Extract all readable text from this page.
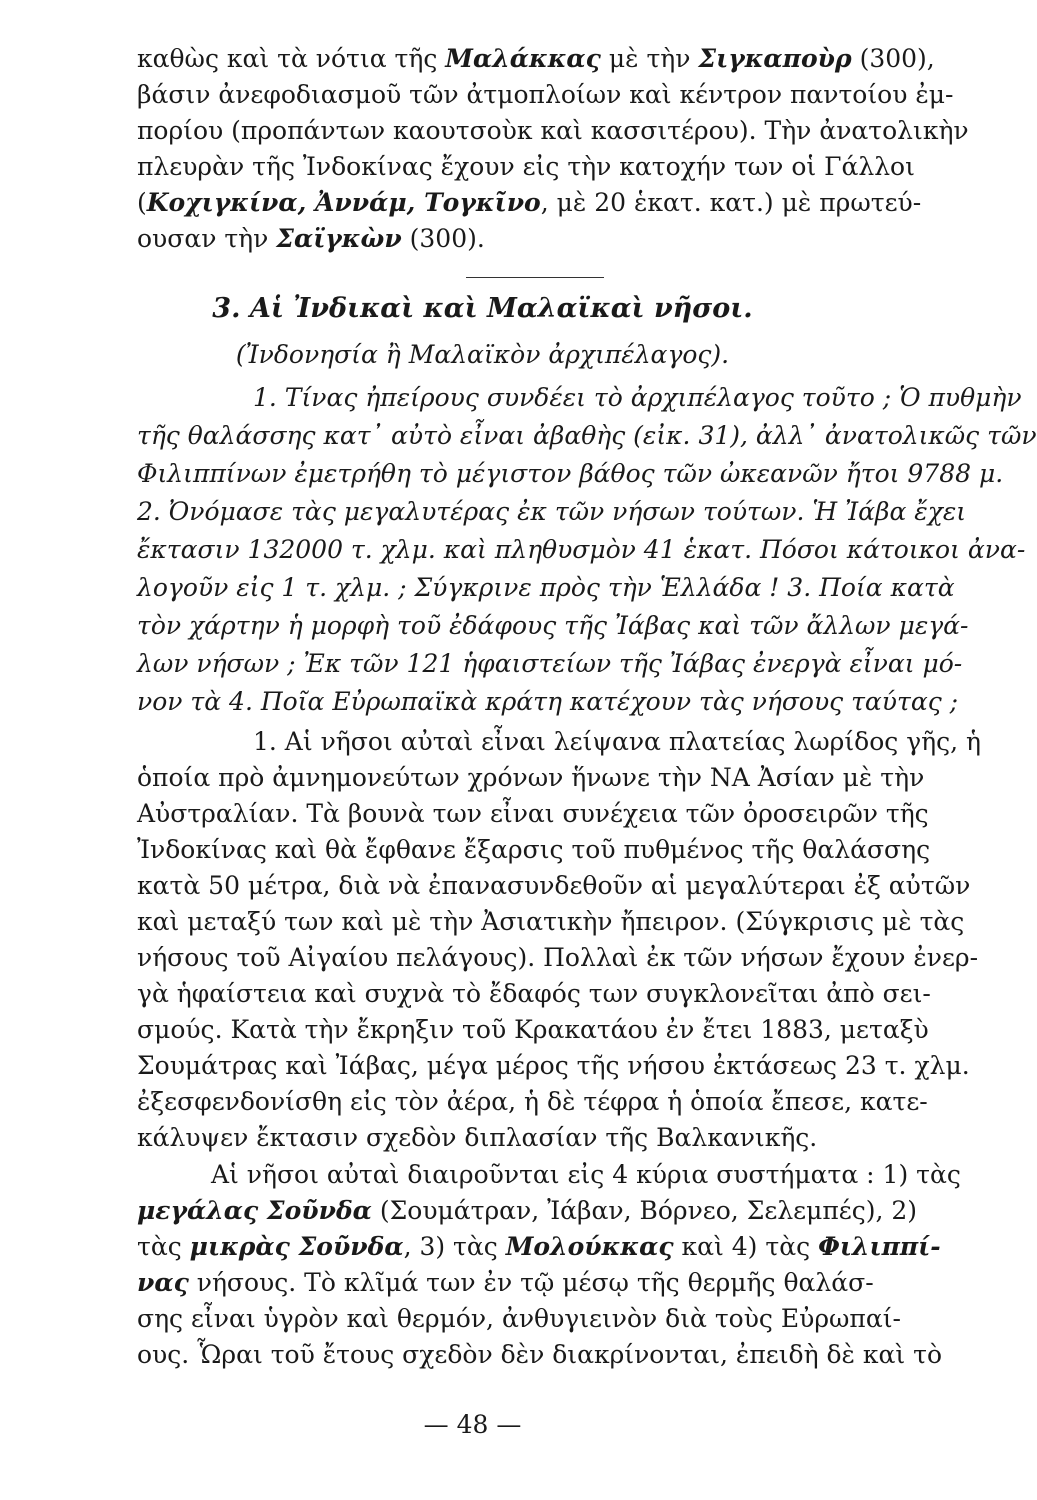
καθὼς καὶ τὰ νότια τῆς Μαλάκκας μὲ τὴν Σιγκαποὺρ (300),
βάσιν ἀνεφοδιασμοῦ τῶν ἀτμοπλοίων καὶ κέντρον παντοίου ἐμ-
πορίου (προπάντων καουτσοὺκ καὶ κασσιτέρου). Τὴν ἀνατολικὴν
πλευρὰν τῆς Ἰνδοκίνας ἔχουν εἰς τὴν κατοχήν των οἱ Γάλλοι
(Κοχιγκίνα, Ἀννάμ, Τογκῖνο, μὲ 20 ἑκατ. κατ.) μὲ πρωτεύ-
ουσαν τὴν Σαϊγκὼν (300).
3. Αἱ Ἰνδικαὶ καὶ Μαλαϊκαὶ νῆσοι.
(Ἰνδονησία ἢ Μαλαϊκὸν ἀρχιπέλαγος).
1. Τίνας ἠπείρους συνδέει τὸ ἀρχιπέλαγος τοῦτο ; Ὁ πυθμὴν
τῆς θαλάσσης κατ᾽ αὐτὸ εἶναι ἀβαθὴς (εἰκ. 31), ἀλλ᾽ ἀνατολικῶς τῶν
Φιλιππίνων ἐμετρήθη τὸ μέγιστον βάθος τῶν ὠκεανῶν ἤτοι 9788 μ.
2. Ὀνόμασε τὰς μεγαλυτέρας ἐκ τῶν νήσων τούτων. Ἡ Ἰάβα ἔχει
ἔκτασιν 132000 τ. χλμ. καὶ πληθυσμὸν 41 ἑκατ. Πόσοι κάτοικοι ἀνα-
λογοῦν εἰς 1 τ. χλμ. ; Σύγκρινε πρὸς τὴν Ἑλλάδα ! 3. Ποία κατὰ
τὸν χάρτην ἡ μορφὴ τοῦ ἐδάφους τῆς Ἰάβας καὶ τῶν ἄλλων μεγά-
λων νήσων ; Ἐκ τῶν 121 ἡφαιστείων τῆς Ἰάβας ἐνεργὰ εἶναι μό-
νον τὰ 4. Ποῖα Εὐρωπαϊκὰ κράτη κατέχουν τὰς νήσους ταύτας ;
1. Αἱ νῆσοι αὐταὶ εἶναι λείψανα πλατείας λωρίδος γῆς, ἡ
ὁποία πρὸ ἀμνημονεύτων χρόνων ἥνωνε τὴν ΝΑ Ἀσίαν μὲ τὴν
Αὐστραλίαν. Τὰ βουνὰ των εἶναι συνέχεια τῶν ὀροσειρῶν τῆς
Ἰνδοκίνας καὶ θὰ ἔφθανε ἔξαρσις τοῦ πυθμένος τῆς θαλάσσης
κατὰ 50 μέτρα, διὰ νὰ ἐπανασυνδεθοῦν αἱ μεγαλύτεραι ἐξ αὐτῶν
καὶ μεταξύ των καὶ μὲ τὴν Ἀσιατικὴν ἤπειρον. (Σύγκρισις μὲ τὰς
νήσους τοῦ Αἰγαίου πελάγους). Πολλαὶ ἐκ τῶν νήσων ἔχουν ἐνερ-
γὰ ἡφαίστεια καὶ συχνὰ τὸ ἔδαφός των συγκλονεῖται ἀπὸ σει-
σμούς. Κατὰ τὴν ἔκρηξιν τοῦ Κρακατάου ἐν ἔτει 1883, μεταξὺ
Σουμάτρας καὶ Ἰάβας, μέγα μέρος τῆς νήσου ἐκτάσεως 23 τ. χλμ.
ἐξεσφενδονίσθη εἰς τὸν ἀέρα, ἡ δὲ τέφρα ἡ ὁποία ἔπεσε, κατε-
κάλυψεν ἔκτασιν σχεδὸν διπλασίαν τῆς Βαλκανικῆς.
Αἱ νῆσοι αὐταὶ διαιροῦνται εἰς 4 κύρια συστήματα : 1) τὰς
μεγάλας Σοῦνδα (Σουμάτραν, Ἰάβαν, Βόρνεο, Σελεμπές), 2)
τὰς μικρὰς Σοῦνδα, 3) τὰς Μολούκκας καὶ 4) τὰς Φιλιππί-
νας νήσους. Τὸ κλῖμά των ἐν τῷ μέσῳ τῆς θερμῆς θαλάσ-
σης εἶναι ὑγρὸν καὶ θερμόν, ἀνθυγιεινὸν διὰ τοὺς Εὐρωπαί-
ους. Ὧραι τοῦ ἔτους σχεδὸν δὲν διακρίνονται, ἐπειδὴ δὲ καὶ τὸ
— 48 —
